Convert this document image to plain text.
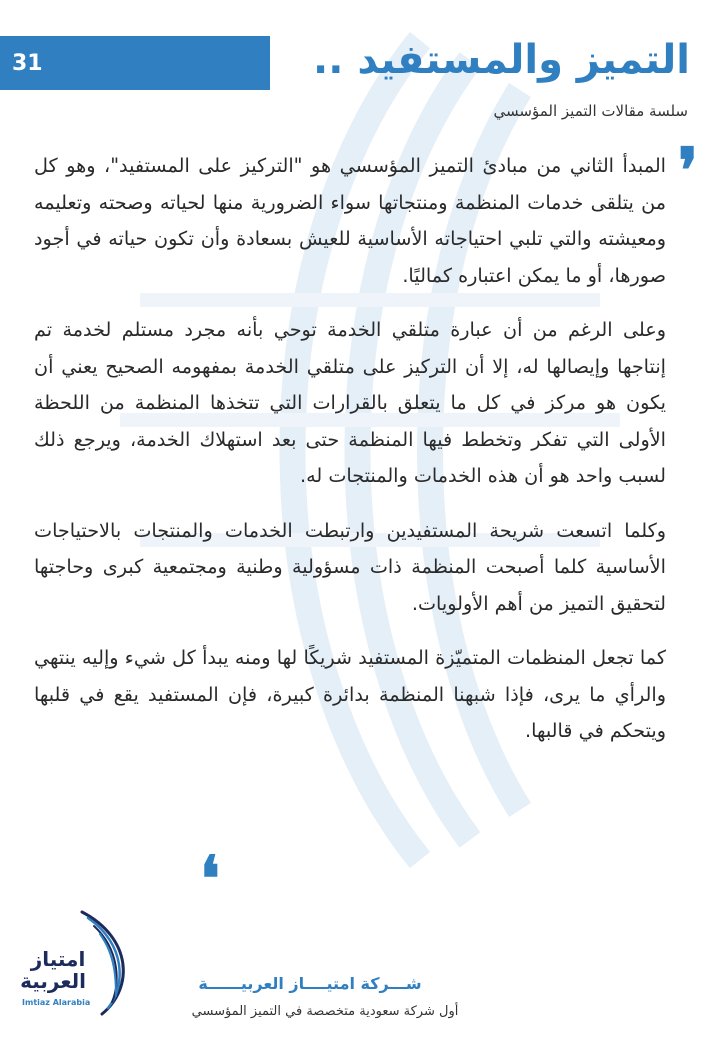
31	التميز والمستفيد ..
سلسة مقالات التميز المؤسسي
❜

المبدأ الثاني من مبادئ التميز المؤسسي هو "التركيز على المستفيد"، وهو كل من يتلقى خدمات المنظمة ومنتجاتها سواء الضرورية منها لحياته وصحته وتعليمه ومعيشته والتي تلبي احتياجاته الأساسية للعيش بسعادة وأن تكون حياته في أجود صورها، أو ما يمكن اعتباره كماليًا.

وعلى الرغم من أن عبارة متلقي الخدمة توحي بأنه مجرد مستلم لخدمة تم إنتاجها وإيصالها له، إلا أن التركيز على متلقي الخدمة بمفهومه الصحيح يعني أن يكون هو مركز في كل ما يتعلق بالقرارات التي تتخذها المنظمة من اللحظة الأولى التي تفكر وتخطط فيها المنظمة حتى بعد استهلاك الخدمة، ويرجع ذلك لسبب واحد هو أن هذه الخدمات والمنتجات له.

وكلما اتسعت شريحة المستفيدين وارتبطت الخدمات والمنتجات بالاحتياجات الأساسية كلما أصبحت المنظمة ذات مسؤولية وطنية ومجتمعية كبرى وحاجتها لتحقيق التميز من أهم الأولويات.

كما تجعل المنظمات المتميّزة المستفيد شريكًا لها ومنه يبدأ كل شيء وإليه ينتهي والرأي ما يرى، فإذا شبهنا المنظمة بدائرة كبيرة، فإن المستفيد يقع في قلبها ويتحكم في قالبها.

❛
امتياز
العربية
Imtiaz Alarabia
شـــركة امتيــــاز العربيــــــة
أول شركة سعودية متخصصة في التميز المؤسسي
